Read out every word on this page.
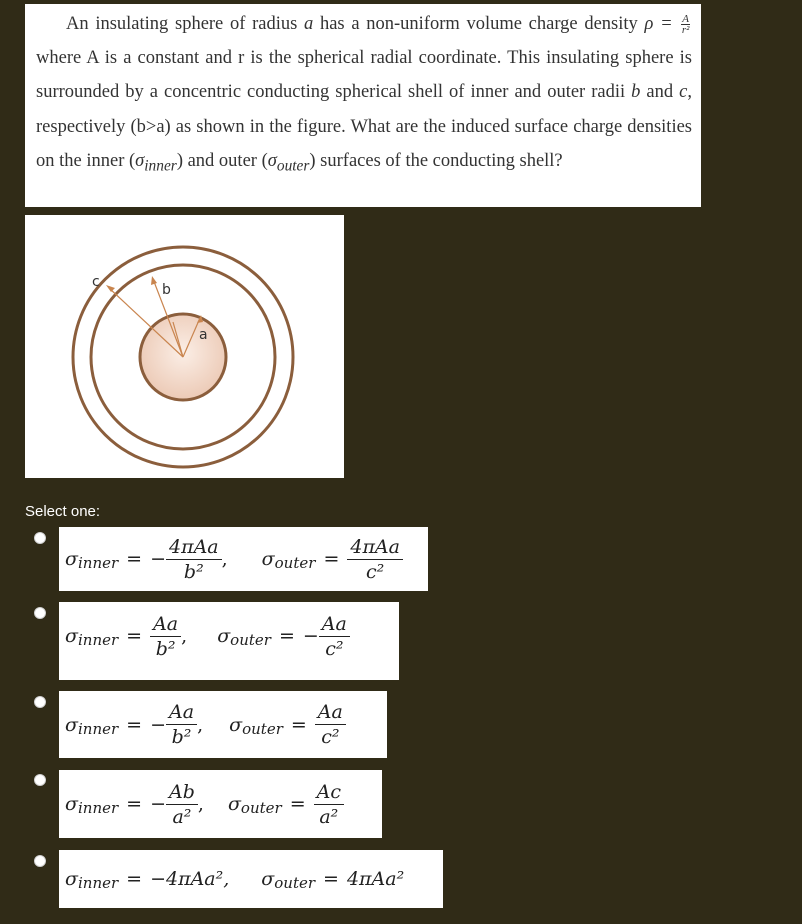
An insulating sphere of radius a has a non-uniform volume charge density $\rho = \frac{A}{\text{r²}}$
where A is a constant and r is the spherical radial coordinate. This insulating sphere is surrounded by a concentric conducting spherical shell of inner and outer radii b and c, respectively (b>a) as shown in the figure. What are the induced surface charge densities on the inner $(\sigma_{inner})$ and outer $(\sigma_{outer})$ surfaces of the conducting shell?

c	b
a
Select one:
σ inner = − $\frac{\text{4πAa}}{\text{b²}}$ , σ outer = $\frac{\text{4πAa}}{\text{c²}}$
σ inner = $\frac{Aa}{\text{b²}}$ , σ outer = − $\frac{Aa}{\text{c²}}$
σ inner = − $\frac{Aa}{\text{b²}}$ , σ outer = $\frac{Aa}{\text{c²}}$
σ inner = − $\frac{Ab}{\text{a²}}$ , σ outer = $\frac{Ac}{\text{a²}}$
σ inner = −4πAa², σ outer = 4πAa²
